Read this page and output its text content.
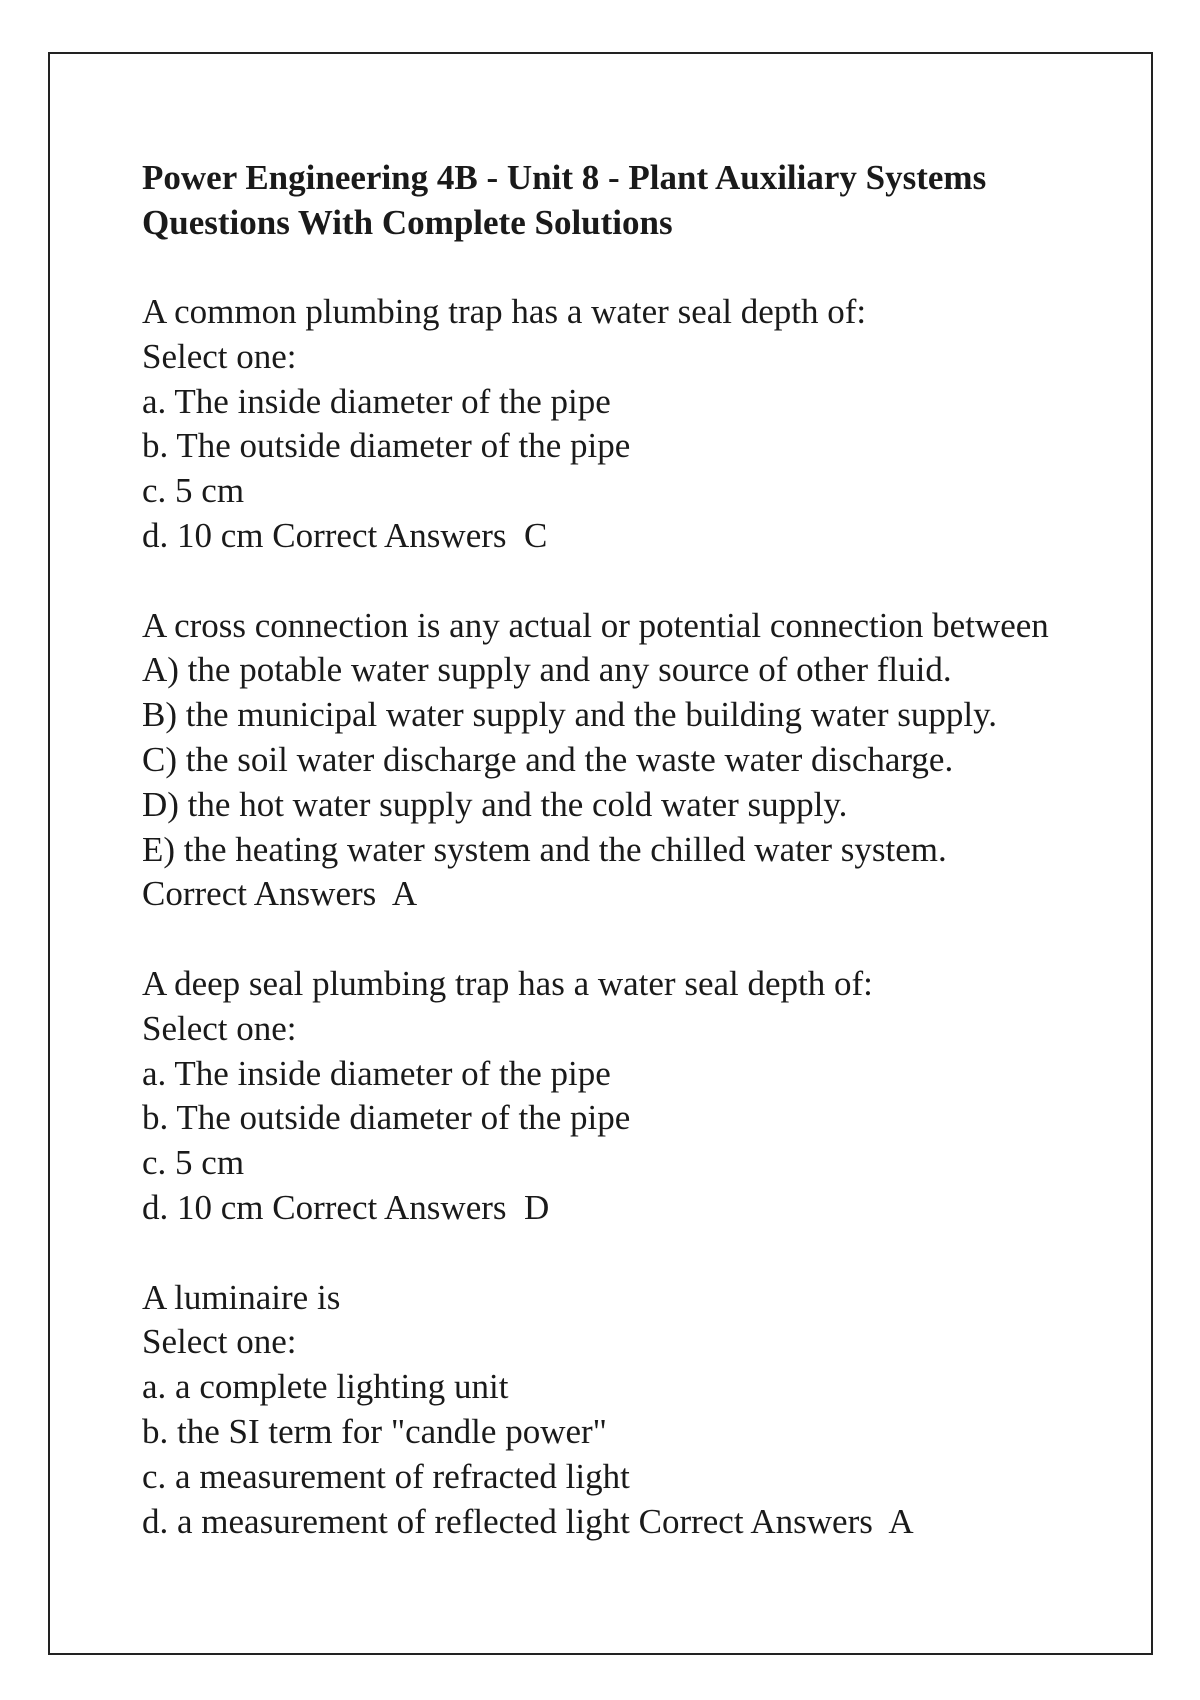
Power Engineering 4B - Unit 8 - Plant Auxiliary Systems
Questions With Complete Solutions
A common plumbing trap has a water seal depth of:
Select one:
a. The inside diameter of the pipe
b. The outside diameter of the pipe
c. 5 cm
d. 10 cm Correct Answers  C
A cross connection is any actual or potential connection between
A) the potable water supply and any source of other fluid.
B) the municipal water supply and the building water supply.
C) the soil water discharge and the waste water discharge.
D) the hot water supply and the cold water supply.
E) the heating water system and the chilled water system.
Correct Answers  A
A deep seal plumbing trap has a water seal depth of:
Select one:
a. The inside diameter of the pipe
b. The outside diameter of the pipe
c. 5 cm
d. 10 cm Correct Answers  D
A luminaire is
Select one:
a. a complete lighting unit
b. the SI term for "candle power"
c. a measurement of refracted light
d. a measurement of reflected light Correct Answers  A
